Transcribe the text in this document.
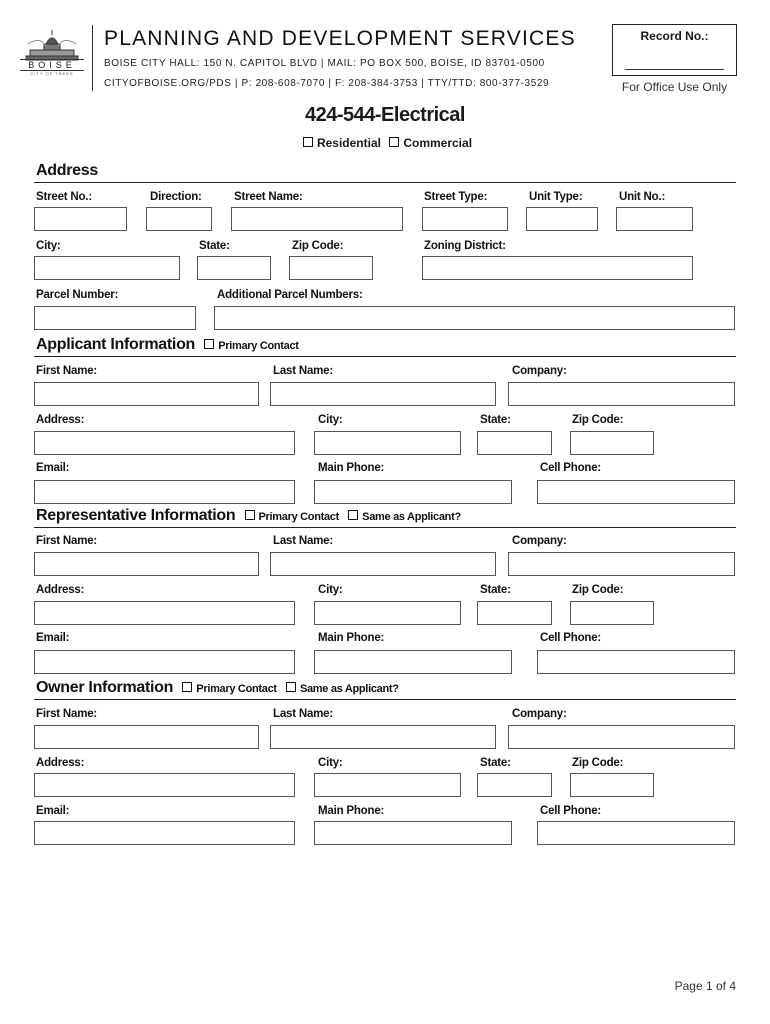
BOISE
CITY OF TREES
PLANNING AND DEVELOPMENT SERVICES
BOISE CITY HALL: 150 N. CAPITOL BLVD | MAIL: PO BOX 500, BOISE, ID 83701-0500
CITYOFBOISE.ORG/PDS | P: 208-608-7070 | F: 208-384-3753 | TTY/TTD: 800-377-3529
Record No.:
For Office Use Only
424-544-Electrical
Residential Commercial
Address
Street No.:	Direction:	Street Name:	Street Type:	Unit Type:	Unit No.:
City:	State:	Zip Code:	Zoning District:
Parcel Number:	Additional Parcel Numbers:
Applicant Information Primary Contact
First Name:	Last Name:	Company:
Address:	City:	State:	Zip Code:
Email:	Main Phone:	Cell Phone:
Representative Information Primary Contact Same as Applicant?
First Name:	Last Name:	Company:
Address:	City:	State:	Zip Code:
Email:	Main Phone:	Cell Phone:
Owner Information Primary Contact Same as Applicant?
First Name:	Last Name:	Company:
Address:	City:	State:	Zip Code:
Email:	Main Phone:	Cell Phone:
Page 1 of 4
